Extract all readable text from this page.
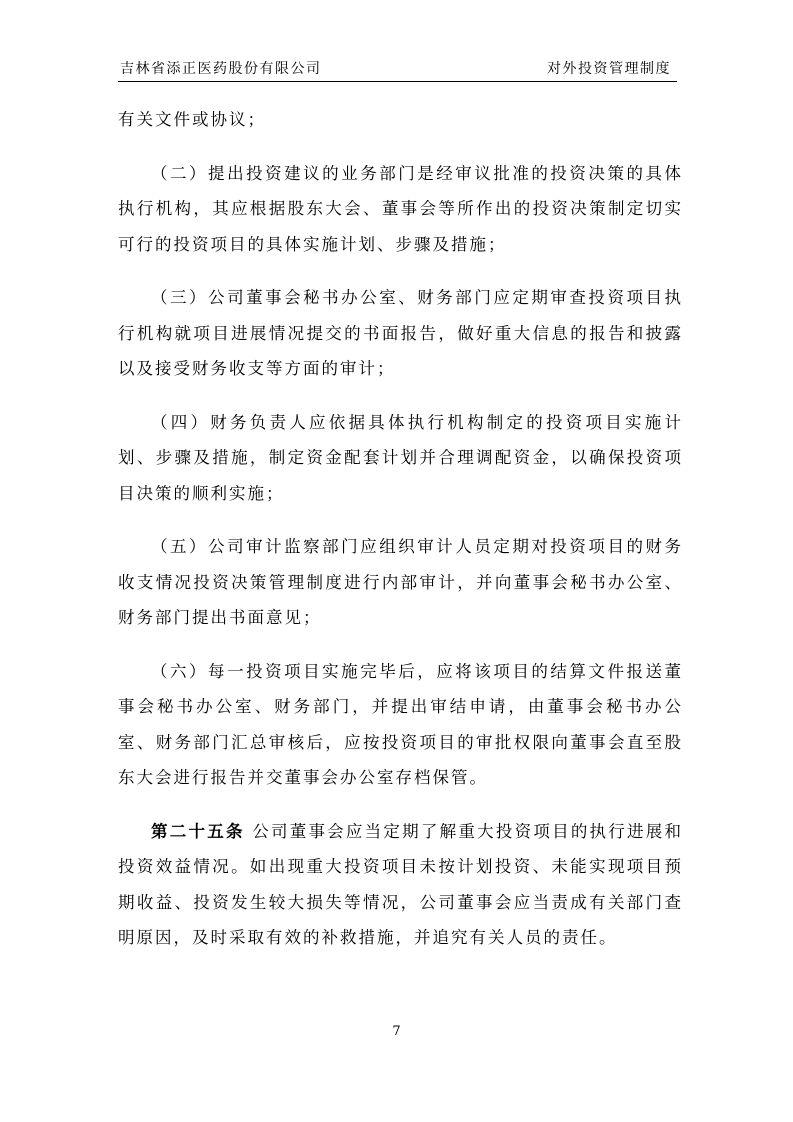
吉林省添正医药股份有限公司	对外投资管理制度

有关文件或协议；

（二）提出投资建议的业务部门是经审议批准的投资决策的具体执行机构，其应根据股东大会、董事会等所作出的投资决策制定切实可行的投资项目的具体实施计划、步骤及措施；

（三）公司董事会秘书办公室、财务部门应定期审查投资项目执行机构就项目进展情况提交的书面报告，做好重大信息的报告和披露以及接受财务收支等方面的审计；

（四）财务负责人应依据具体执行机构制定的投资项目实施计划、步骤及措施，制定资金配套计划并合理调配资金，以确保投资项目决策的顺利实施；

（五）公司审计监察部门应组织审计人员定期对投资项目的财务收支情况投资决策管理制度进行内部审计，并向董事会秘书办公室、财务部门提出书面意见；

（六）每一投资项目实施完毕后，应将该项目的结算文件报送董事会秘书办公室、财务部门，并提出审结申请，由董事会秘书办公室、财务部门汇总审核后，应按投资项目的审批权限向董事会直至股东大会进行报告并交董事会办公室存档保管。

第二十五条 公司董事会应当定期了解重大投资项目的执行进展和投资效益情况。如出现重大投资项目未按计划投资、未能实现项目预期收益、投资发生较大损失等情况，公司董事会应当责成有关部门查明原因，及时采取有效的补救措施，并追究有关人员的责任。

7
